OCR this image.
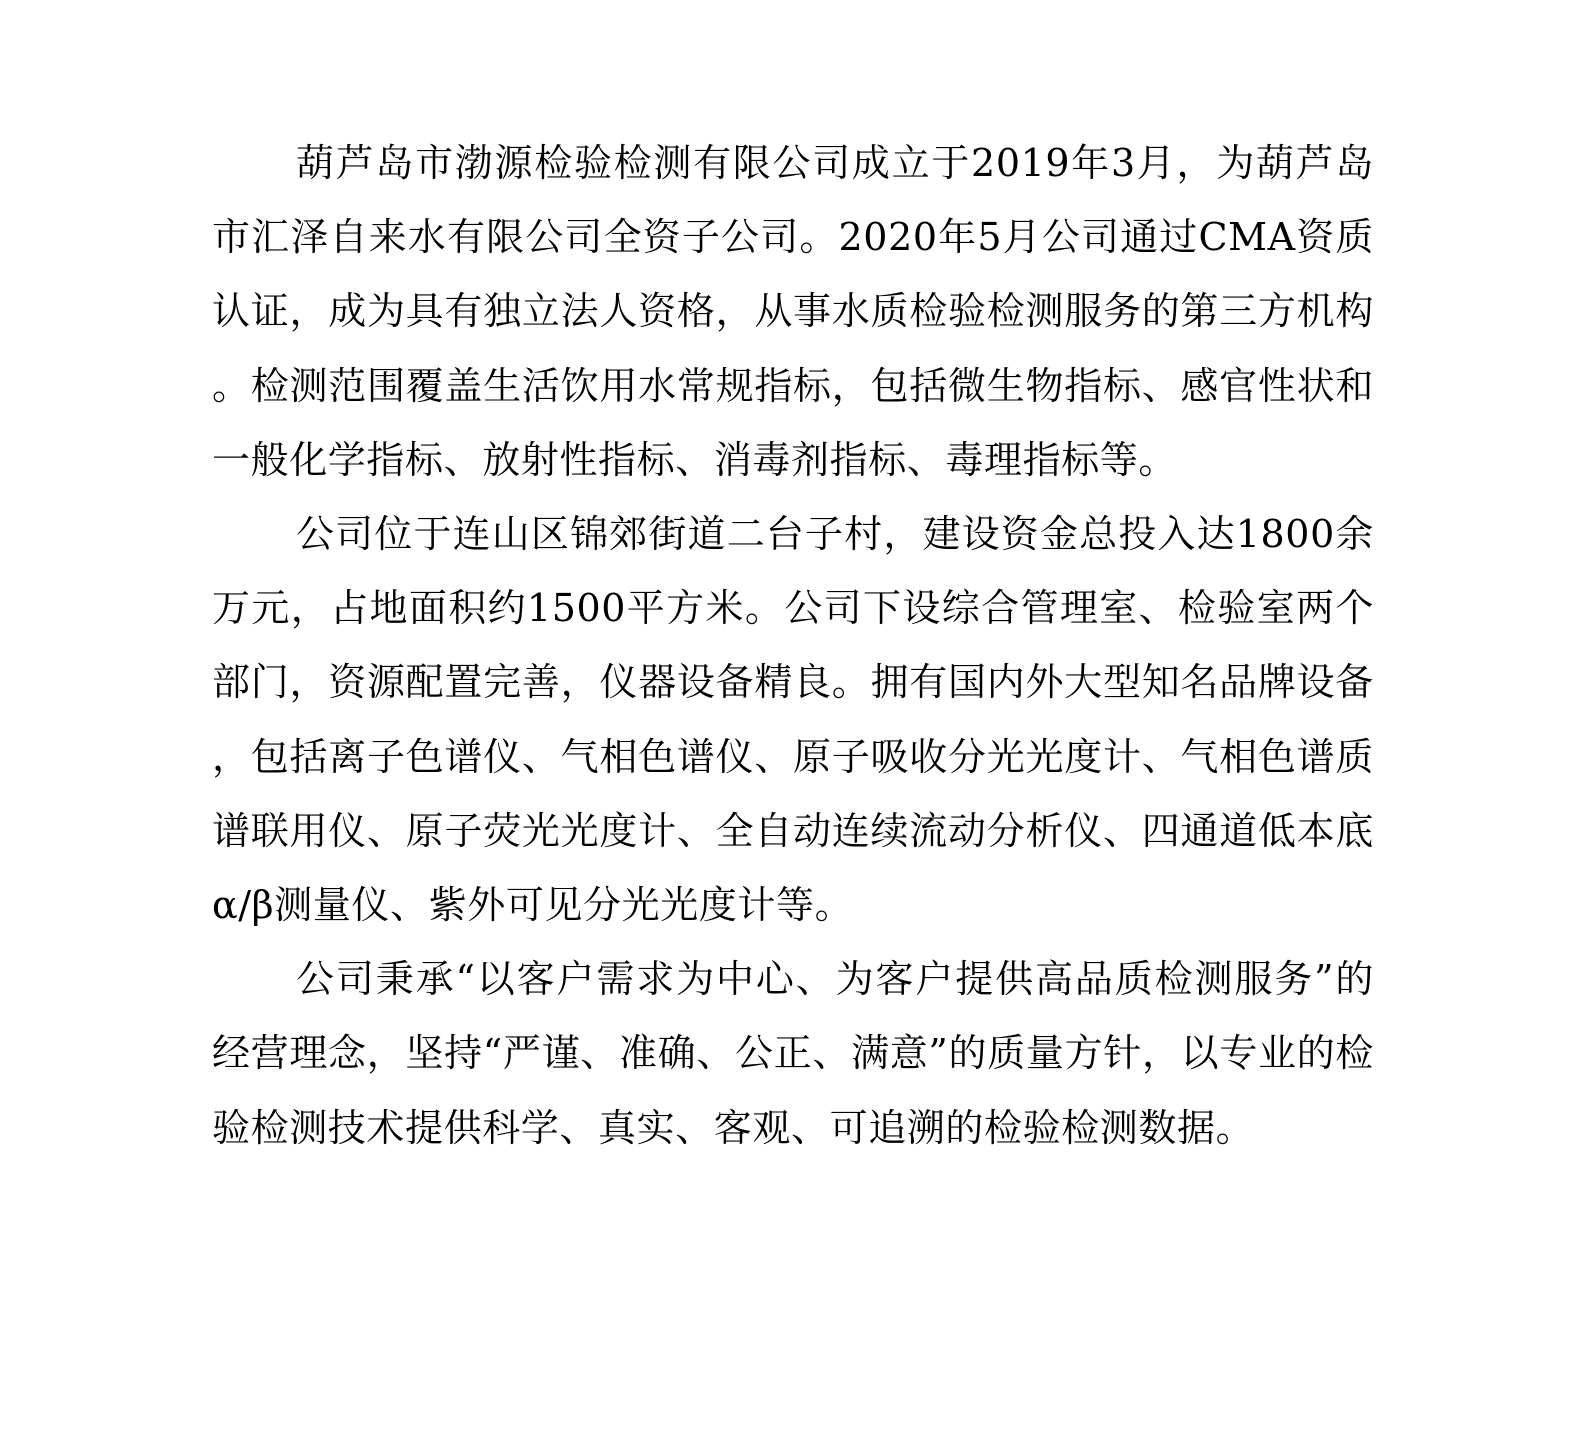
葫芦岛市渤源检验检测有限公司成立于2019年3月，为葫芦岛市汇泽自来水有限公司全资子公司。2020年5月公司通过CMA资质认证，成为具有独立法人资格，从事水质检验检测服务的第三方机构。检测范围覆盖生活饮用水常规指标，包括微生物指标、感官性状和一般化学指标、放射性指标、消毒剂指标、毒理指标等。

公司位于连山区锦郊街道二台子村，建设资金总投入达1800余万元，占地面积约1500平方米。公司下设综合管理室、检验室两个部门，资源配置完善，仪器设备精良。拥有国内外大型知名品牌设备，包括离子色谱仪、气相色谱仪、原子吸收分光光度计、气相色谱质谱联用仪、原子荧光光度计、全自动连续流动分析仪、四通道低本底α/β测量仪、紫外可见分光光度计等。

公司秉承“以客户需求为中心、为客户提供高品质检测服务”的经营理念，坚持“严谨、准确、公正、满意”的质量方针，以专业的检验检测技术提供科学、真实、客观、可追溯的检验检测数据。
